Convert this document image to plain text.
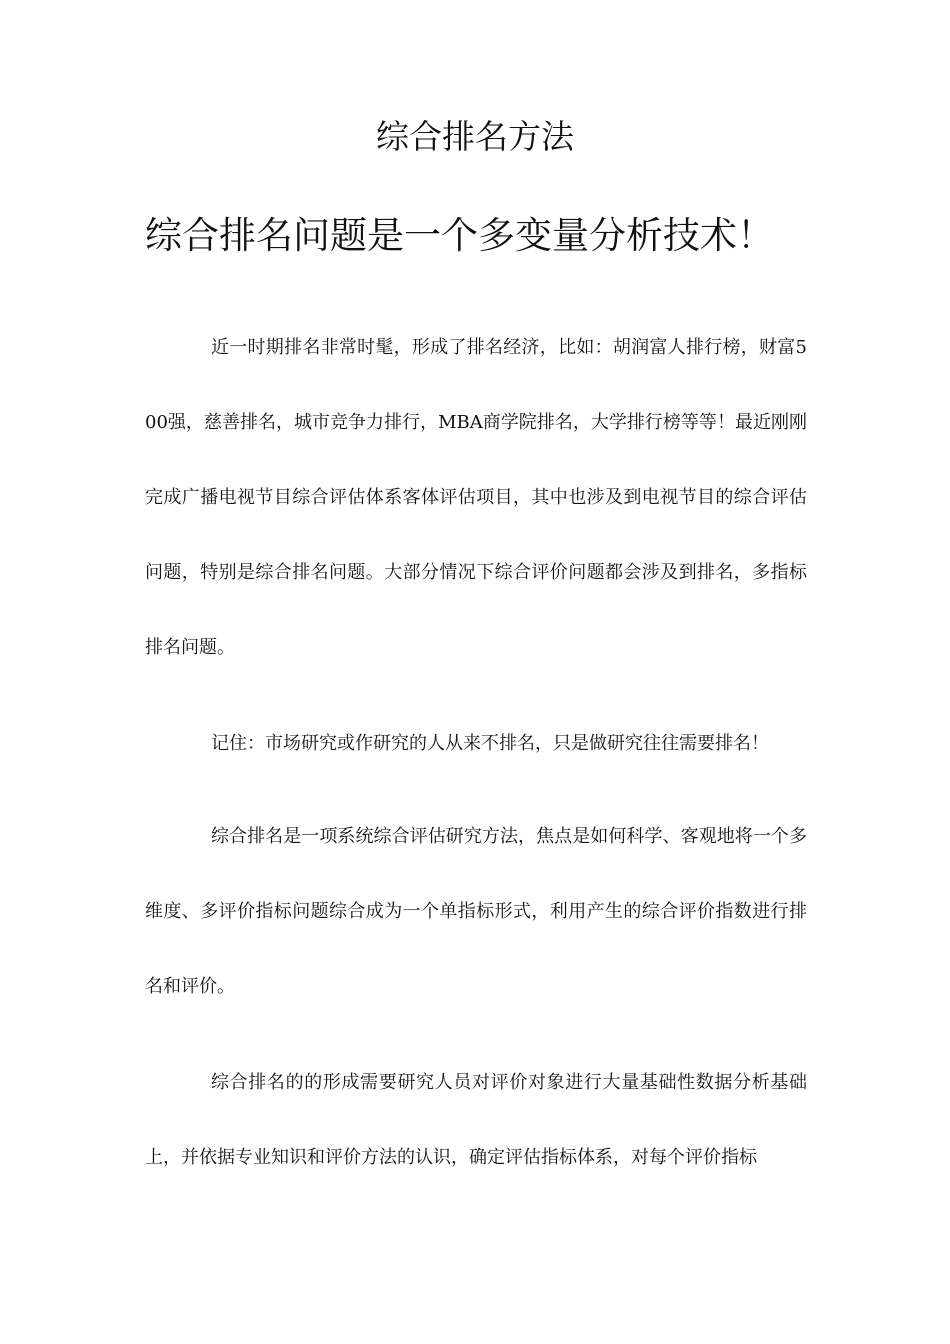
综合排名方法
综合排名问题是一个多变量分析技术！

近一时期排名非常时髦，形成了排名经济，比如：胡润富人排行榜，财富500强，慈善排名，城市竞争力排行，MBA商学院排名，大学排行榜等等！最近刚刚完成广播电视节目综合评估体系客体评估项目，其中也涉及到电视节目的综合评估问题，特别是综合排名问题。大部分情况下综合评价问题都会涉及到排名，多指标排名问题。

记住：市场研究或作研究的人从来不排名，只是做研究往往需要排名！

综合排名是一项系统综合评估研究方法，焦点是如何科学、客观地将一个多维度、多评价指标问题综合成为一个单指标形式，利用产生的综合评价指数进行排名和评价。

综合排名的的形成需要研究人员对评价对象进行大量基础性数据分析基础上，并依据专业知识和评价方法的认识，确定评估指标体系，对每个评价指标
